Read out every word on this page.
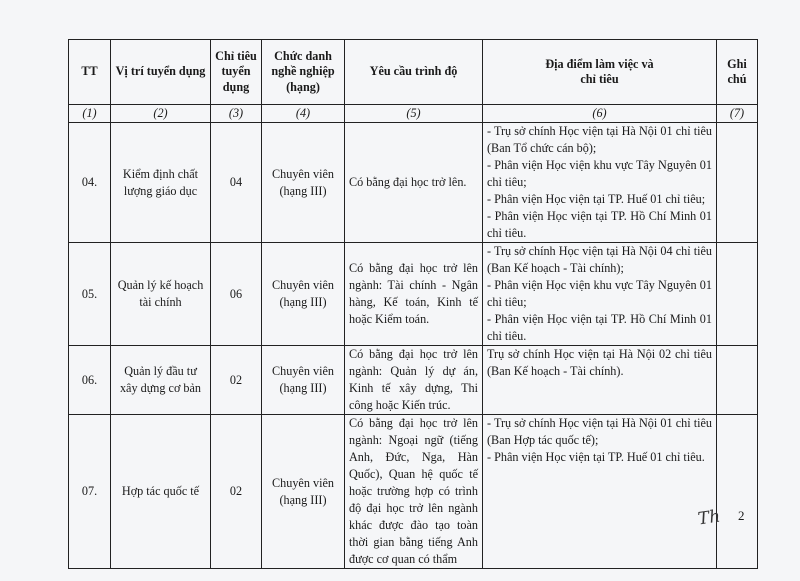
TT	Vị trí tuyển dụng	Chỉ tiêu tuyển dụng	Chức danh nghề nghiệp (hạng)	Yêu cầu trình độ	Địa điểm làm việc và chỉ tiêu	Ghi chú
(1)	(2)	(3)	(4)	(5)	(6)	(7)
04.	Kiểm định chất lượng giáo dục	04	Chuyên viên (hạng III)	Có bằng đại học trở lên.	- Trụ sở chính Học viện tại Hà Nội 01 chỉ tiêu (Ban Tổ chức cán bộ);
- Phân viện Học viện khu vực Tây Nguyên 01 chỉ tiêu;
- Phân viện Học viện tại TP. Huế 01 chỉ tiêu;
- Phân viện Học viện tại TP. Hồ Chí Minh 01 chỉ tiêu.	

05.	Quản lý kế hoạch tài chính	06	Chuyên viên (hạng III)	Có bằng đại học trở lên ngành: Tài chính - Ngân hàng, Kế toán, Kinh tế hoặc Kiểm toán.	- Trụ sở chính Học viện tại Hà Nội 04 chỉ tiêu (Ban Kế hoạch - Tài chính);
- Phân viện Học viện khu vực Tây Nguyên 01 chỉ tiêu;
- Phân viện Học viện tại TP. Hồ Chí Minh 01 chỉ tiêu.	

06.	Quản lý đầu tư xây dựng cơ bản	02	Chuyên viên (hạng III)	Có bằng đại học trở lên ngành: Quản lý dự án, Kinh tế xây dựng, Thi công hoặc Kiến trúc.	Trụ sở chính Học viện tại Hà Nội 02 chỉ tiêu (Ban Kế hoạch - Tài chính).	

07.	Hợp tác quốc tế	02	Chuyên viên (hạng III)	Có bằng đại học trở lên ngành: Ngoại ngữ (tiếng Anh, Đức, Nga, Hàn Quốc), Quan hệ quốc tế hoặc trường hợp có trình độ đại học trở lên ngành khác được đào tạo toàn thời gian bằng tiếng Anh được cơ quan có thẩm	- Trụ sở chính Học viện tại Hà Nội 01 chỉ tiêu (Ban Hợp tác quốc tế);
- Phân viện Học viện tại TP. Huế 01 chỉ tiêu.	

Th 2
